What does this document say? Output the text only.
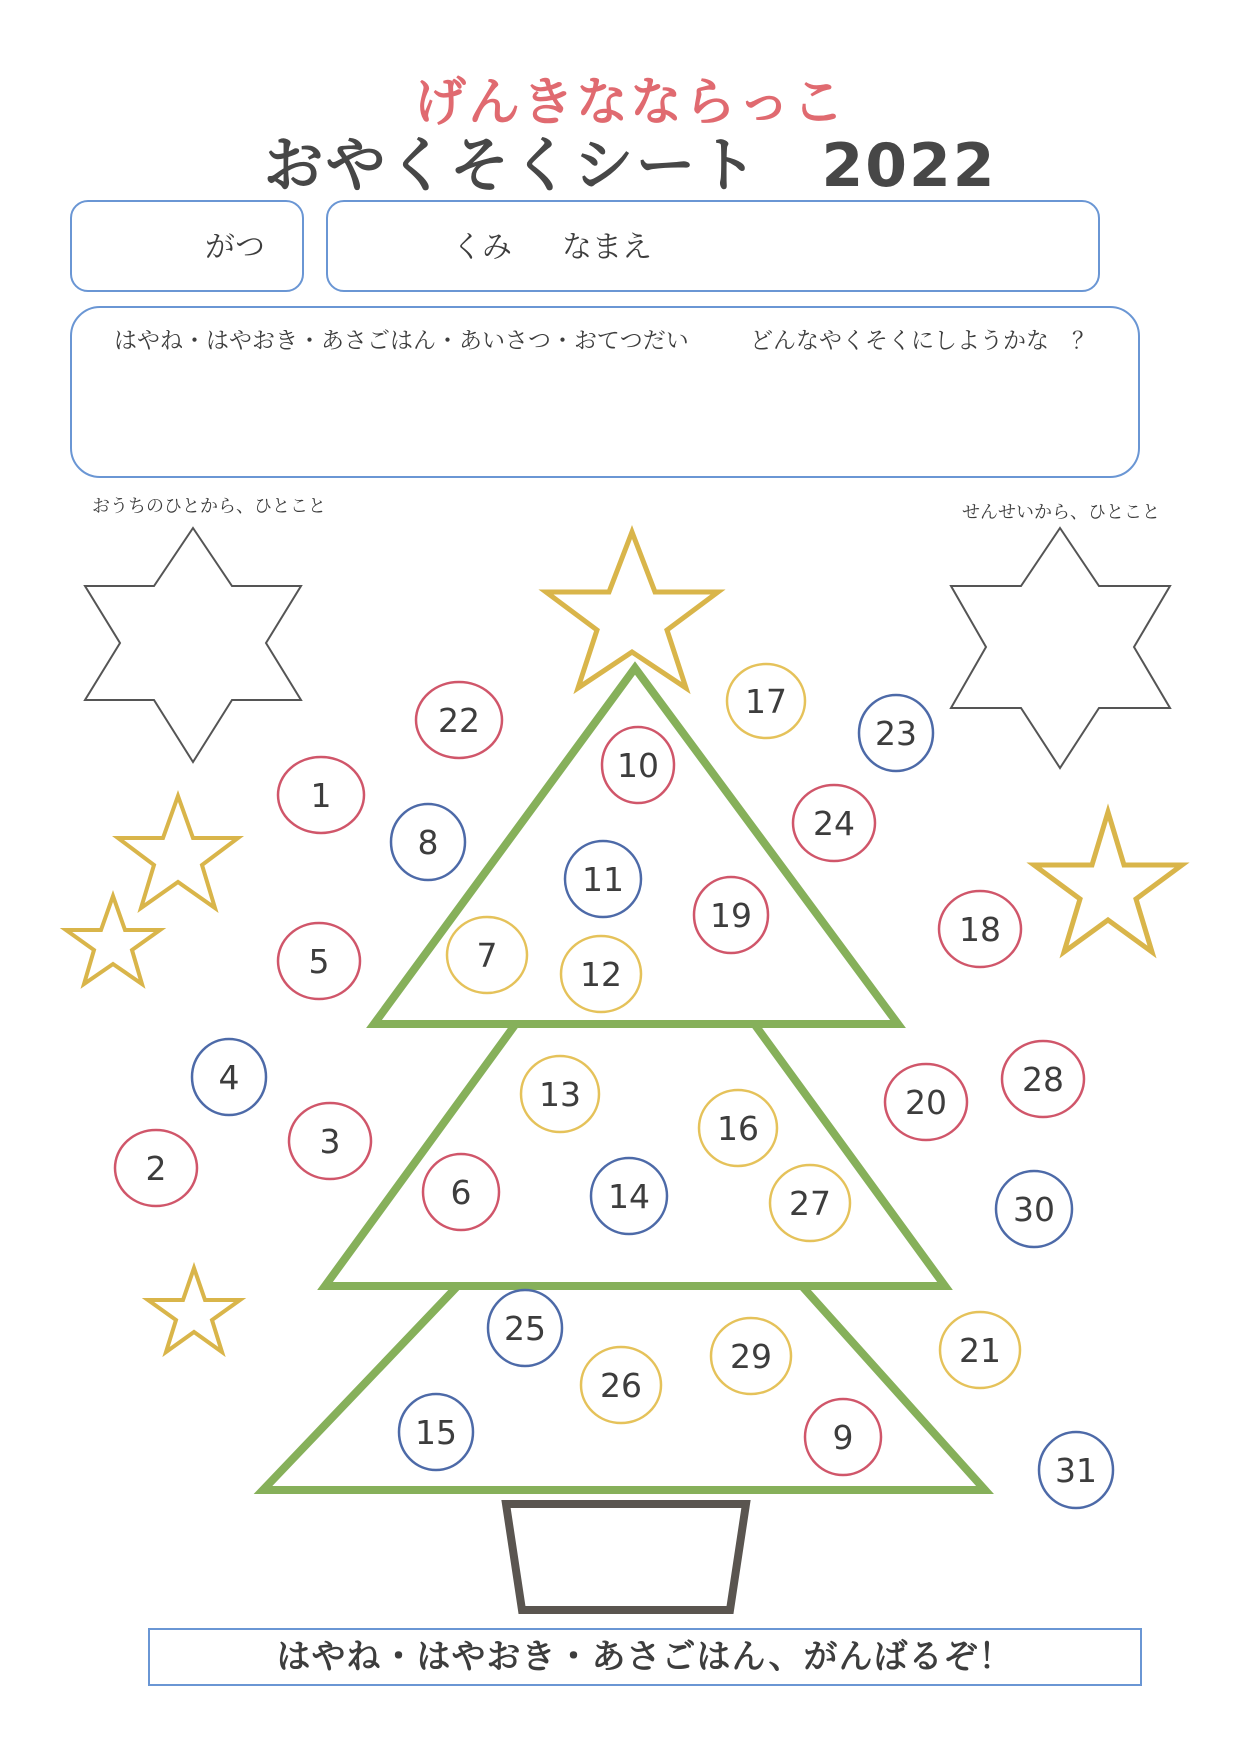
げんきなならっこ
おやくそくシート　2022
がつ	くみ なまえ
はやね・はやおき・あさごはん・あいさつ・おてつだい	どんなやくそくにしようかな　？
おうちのひとから、ひとこと	せんせいから、ひとこと
1
2
3
4
5
6
7
8
9
10
11
12
13
14
15
16
17
18
19
20
21
22	23
24
25
26
27
28
29
30
31
はやね・はやおき・あさごはん、がんばるぞ！
